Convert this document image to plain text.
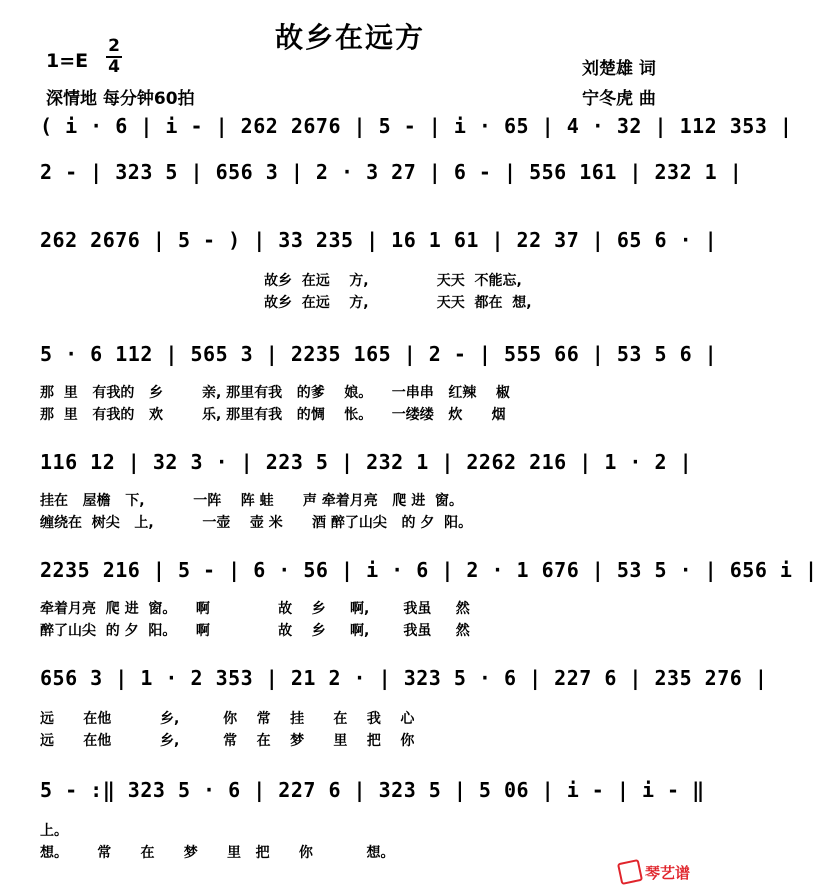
故乡在远方
1=E
2
4
深情地 每分钟60拍
刘楚雄 词
宁冬虎 曲
( i · 6 | i - | 262 2676 | 5 - | i · 65 | 4 · 32 | 112 353 |
2 - | 323 5 | 656 3 | 2 · 3 27 | 6 - | 556 161 | 232 1 |
262 2676 | 5 - ) | 33 235 | 16 1 61 | 22 37 | 65 6 · |
故乡  在远    方,              天天  不能忘,
故乡  在远    方,              天天  都在  想,
5 · 6 112 | 565 3 | 2235 165 | 2 - | 555 66 | 53 5 6 |
那  里   有我的   乡        亲, 那里有我   的爹    娘。    一串串   红辣    椒
那  里   有我的   欢        乐, 那里有我   的惆    怅。    一缕缕   炊      烟
116 12 | 32 3 · | 223 5 | 232 1 | 2262 216 | 1 · 2 |
挂在   屋檐   下,          一阵    阵 蛙      声 牵着月亮   爬 进  窗。
缠绕在  树尖   上,          一壶    壶 米      酒 醉了山尖   的 夕  阳。
2235 216 | 5 - | 6 · 56 | i · 6 | 2 · 1 676 | 53 5 · | 656 i |
牵着月亮  爬 进  窗。    啊              故    乡     啊,       我虽     然
醉了山尖  的 夕  阳。    啊              故    乡     啊,       我虽     然
656 3 | 1 · 2 353 | 21 2 · | 323 5 · 6 | 227 6 | 235 276 |
远      在他          乡,         你    常    挂      在    我    心
远      在他          乡,         常    在    梦      里    把    你
5 - :‖ 323 5 · 6 | 227 6 | 323 5 | 5 06 | i - | i - ‖
上。
想。      常      在      梦      里   把      你           想。
琴艺谱
